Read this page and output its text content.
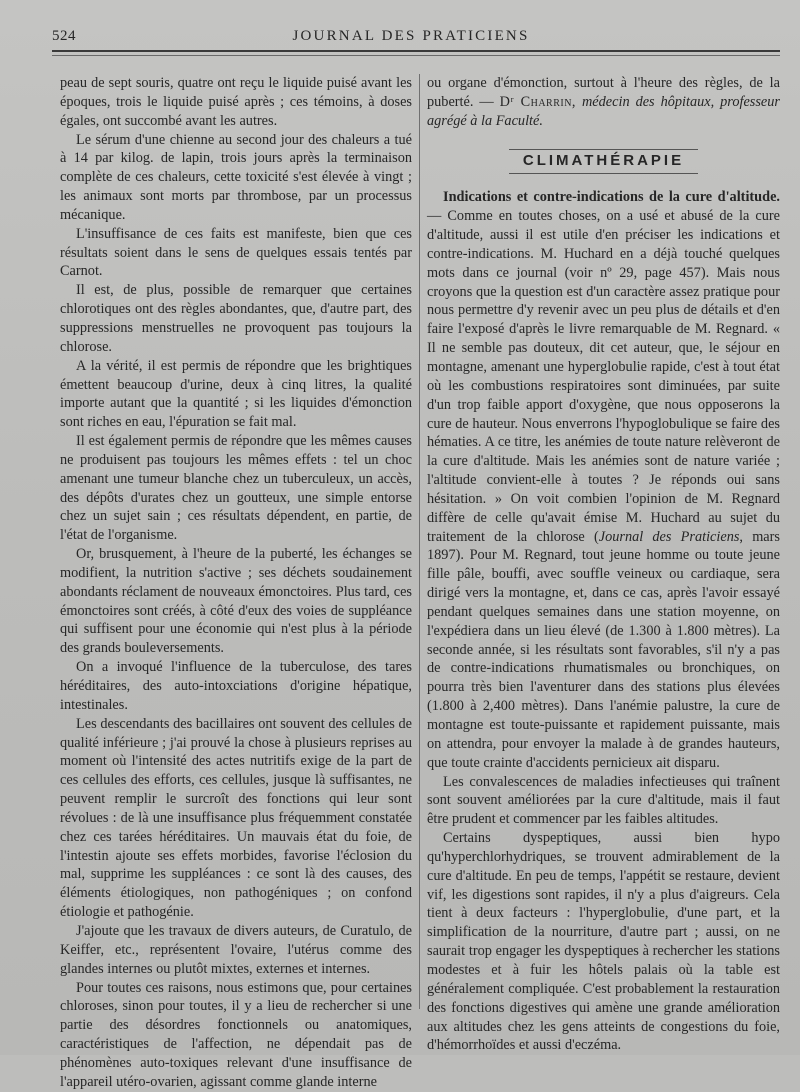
524	JOURNAL DES PRATICIENS

peau de sept souris, quatre ont reçu le liquide puisé avant les époques, trois le liquide puisé après ; ces témoins, à doses égales, ont succombé avant les autres.

Le sérum d'une chienne au second jour des chaleurs a tué à 14 par kilog. de lapin, trois jours après la terminaison complète de ces chaleurs, cette toxicité s'est élevée à vingt ; les animaux sont morts par thrombose, par un processus mécanique.

L'insuffisance de ces faits est manifeste, bien que ces résultats soient dans le sens de quelques essais tentés par Carnot.

Il est, de plus, possible de remarquer que certaines chlorotiques ont des règles abondantes, que, d'autre part, des suppressions menstruelles ne provoquent pas toujours la chlorose.

A la vérité, il est permis de répondre que les brightiques émettent beaucoup d'urine, deux à cinq litres, la qualité importe autant que la quantité ; si les liquides d'émonction sont riches en eau, l'épuration se fait mal.

Il est également permis de répondre que les mêmes causes ne produisent pas toujours les mêmes effets : tel un choc amenant une tumeur blanche chez un tuberculeux, un accès, des dépôts d'urates chez un goutteux, une simple entorse chez un sujet sain ; ces résultats dépendent, en partie, de l'état de l'organisme.

Or, brusquement, à l'heure de la puberté, les échanges se modifient, la nutrition s'active ; ses déchets soudainement abondants réclament de nouveaux émonctoires. Plus tard, ces émonctoires sont créés, à côté d'eux des voies de suppléance qui suffisent pour une économie qui n'est plus à la période des grands bouleversements.

On a invoqué l'influence de la tuberculose, des tares héréditaires, des auto-intoxciations d'origine hépatique, intestinales.

Les descendants des bacillaires ont souvent des cellules de qualité inférieure ; j'ai prouvé la chose à plusieurs reprises au moment où l'intensité des actes nutritifs exige de la part de ces cellules des efforts, ces cellules, jusque là suffisantes, ne peuvent remplir le surcroît des fonctions qui leur sont révolues : de là une insuffisance plus fréquemment constatée chez ces tarées héréditaires. Un mauvais état du foie, de l'intestin ajoute ses effets morbides, favorise l'éclosion du mal, supprime les suppléances : ce sont là des causes, des éléments étiologiques, non pathogéniques ; on confond étiologie et pathogénie.

J'ajoute que les travaux de divers auteurs, de Curatulo, de Keiffer, etc., représentent l'ovaire, l'utérus comme des glandes internes ou plutôt mixtes, externes et internes.

Pour toutes ces raisons, nous estimons que, pour certaines chloroses, sinon pour toutes, il y a lieu de rechercher si une partie des désordres fonctionnels ou anatomiques, caractéristiques de l'affection, ne dépendait pas de phénomènes auto-toxiques relevant d'une insuffisance de l'appareil utéro-ovarien, agissant comme glande interne

ou organe d'émonction, surtout à l'heure des règles, de la puberté. — Dʳ Charrin, médecin des hôpitaux, professeur agrégé à la Faculté.

CLIMATHÉRAPIE

Indications et contre-indications de la cure d'altitude. — Comme en toutes choses, on a usé et abusé de la cure d'altitude, aussi il est utile d'en préciser les indications et contre-indications. M. Huchard en a déjà touché quelques mots dans ce journal (voir nº 29, page 457). Mais nous croyons que la question est d'un caractère assez pratique pour nous permettre d'y revenir avec un peu plus de détails et d'en faire l'exposé d'après le livre remarquable de M. Regnard. « Il ne semble pas douteux, dit cet auteur, que, le séjour en montagne, amenant une hyperglobulie rapide, c'est à tout état où les combustions respiratoires sont diminuées, par suite d'un trop faible apport d'oxygène, que nous opposerons la cure de hauteur. Nous enverrons l'hypoglobulique se faire des hématies. A ce titre, les anémies de toute nature relèveront de la cure d'altitude. Mais les anémies sont de nature variée ; l'altitude convient-elle à toutes ? Je réponds oui sans hésitation. » On voit combien l'opinion de M. Regnard diffère de celle qu'avait émise M. Huchard au sujet du traitement de la chlorose (Journal des Praticiens, mars 1897). Pour M. Regnard, tout jeune homme ou toute jeune fille pâle, bouffi, avec souffle veineux ou cardiaque, sera dirigé vers la montagne, et, dans ce cas, après l'avoir essayé pendant quelques semaines dans une station moyenne, on l'expédiera dans un lieu élevé (de 1.300 à 1.800 mètres). La seconde année, si les résultats sont favorables, s'il n'y a pas de contre-indications rhumatismales ou bronchiques, on pourra très bien l'aventurer dans des stations plus élevées (1.800 à 2,400 mètres). Dans l'anémie palustre, la cure de montagne est toute-puissante et rapidement puissante, mais on attendra, pour envoyer la malade à de grandes hauteurs, que toute crainte d'accidents pernicieux ait disparu.

Les convalescences de maladies infectieuses qui traînent sont souvent améliorées par la cure d'altitude, mais il faut être prudent et commencer par les faibles altitudes.

Certains dyspeptiques, aussi bien hypo qu'hyperchlorhydriques, se trouvent admirablement de la cure d'altitude. En peu de temps, l'appétit se restaure, devient vif, les digestions sont rapides, il n'y a plus d'aigreurs. Cela tient à deux facteurs : l'hyperglobulie, d'une part, et la simplification de la nourriture, d'autre part ; aussi, on ne saurait trop engager les dyspeptiques à rechercher les stations modestes et à fuir les hôtels palais où la table est généralement compliquée. C'est probablement la restauration des fonctions digestives qui amène une grande amélioration aux altitudes chez les gens atteints de congestions du foie, d'hémorrhoïdes et aussi d'eczéma.
